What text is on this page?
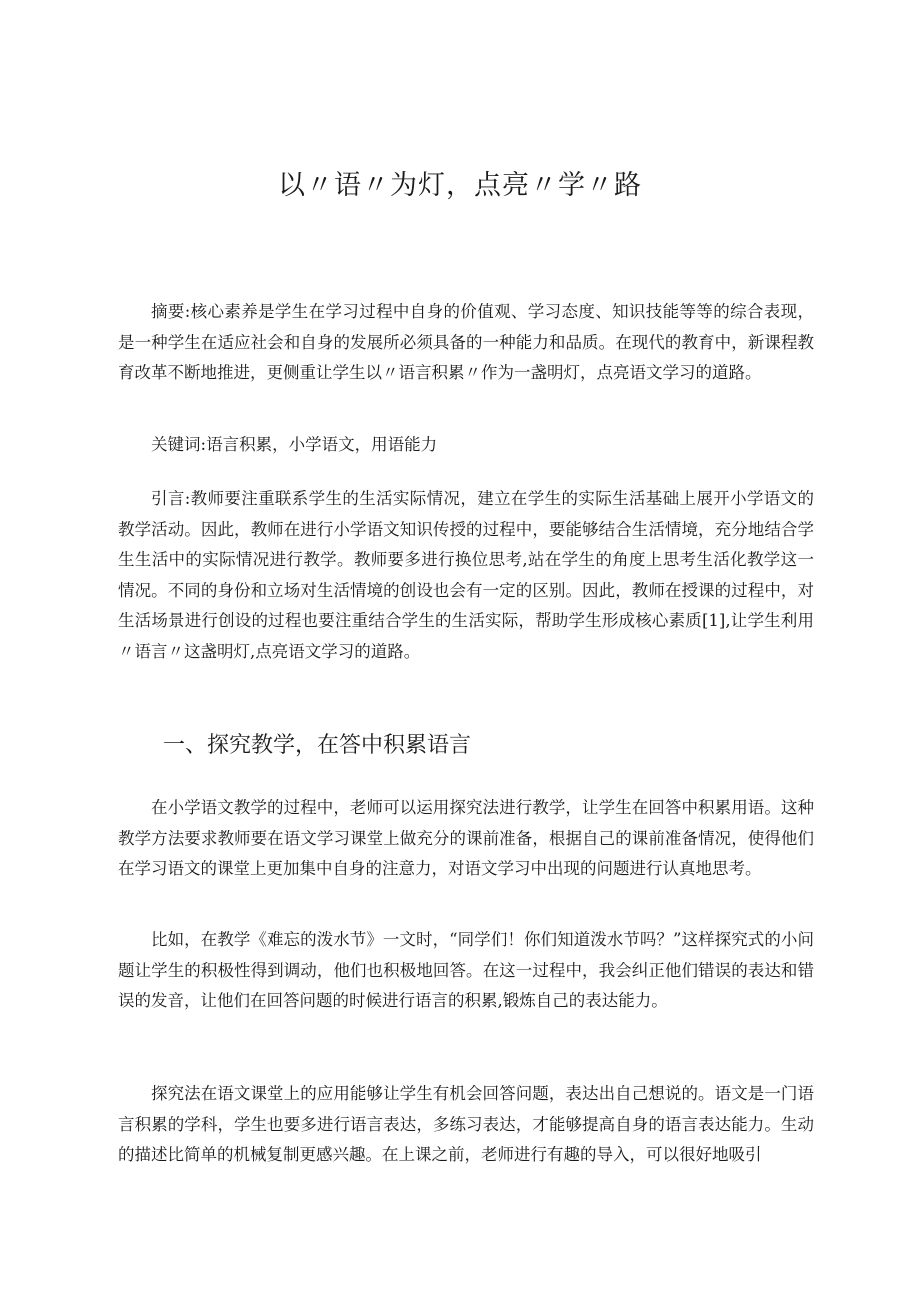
以〃语〃为灯，点亮〃学〃路

摘要:核心素养是学生在学习过程中自身的价值观、学习态度、知识技能等等的综合表现，是一种学生在适应社会和自身的发展所必须具备的一种能力和品质。在现代的教育中，新课程教育改革不断地推进，更侧重让学生以〃语言积累〃作为一盏明灯，点亮语文学习的道路。

关键词:语言积累，小学语文，用语能力

引言:教师要注重联系学生的生活实际情况，建立在学生的实际生活基础上展开小学语文的教学活动。因此，教师在进行小学语文知识传授的过程中，要能够结合生活情境，充分地结合学生生活中的实际情况进行教学。教师要多进行换位思考,站在学生的角度上思考生活化教学这一情况。不同的身份和立场对生活情境的创设也会有一定的区别。因此，教师在授课的过程中，对生活场景进行创设的过程也要注重结合学生的生活实际，帮助学生形成核心素质[1],让学生利用〃语言〃这盏明灯,点亮语文学习的道路。

一、探究教学，在答中积累语言

在小学语文教学的过程中，老师可以运用探究法进行教学，让学生在回答中积累用语。这种教学方法要求教师要在语文学习课堂上做充分的课前准备，根据自己的课前准备情况，使得他们在学习语文的课堂上更加集中自身的注意力，对语文学习中出现的问题进行认真地思考。

比如，在教学《难忘的泼水节》一文时，“同学们！你们知道泼水节吗？”这样探究式的小问题让学生的积极性得到调动，他们也积极地回答。在这一过程中，我会纠正他们错误的表达和错误的发音，让他们在回答问题的时候进行语言的积累,锻炼自己的表达能力。

探究法在语文课堂上的应用能够让学生有机会回答问题，表达出自己想说的。语文是一门语言积累的学科，学生也要多进行语言表达，多练习表达，才能够提高自身的语言表达能力。生动的描述比简单的机械复制更感兴趣。在上课之前，老师进行有趣的导入，可以很好地吸引
